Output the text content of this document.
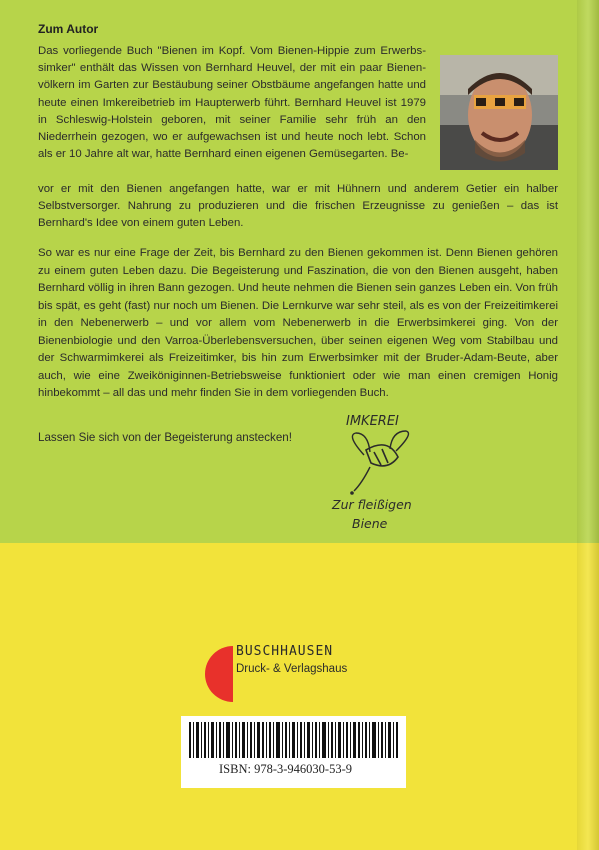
Zum Autor
Das vorliegende Buch "Bienen im Kopf. Vom Bienen-Hippie zum Erwerbs-simker" enthält das Wissen von Bernhard Heuvel, der mit ein paar Bienen-völkern im Garten zur Bestäubung seiner Obstbäume angefangen hatte und heute einen Imkereibetrieb im Haupterwerb führt. Bernhard Heuvel ist 1979 in Schleswig-Holstein geboren, mit seiner Familie sehr früh an den Niederrhein gezogen, wo er aufgewachsen ist und heute noch lebt. Schon als er 10 Jahre alt war, hatte Bernhard einen eigenen Gemüsegarten. Be-
vor er mit den Bienen angefangen hatte, war er mit Hühnern und anderem Getier ein halber Selbstversorger. Nahrung zu produzieren und die frischen Erzeugnisse zu genießen – das ist Bernhard's Idee von einem guten Leben.
So war es nur eine Frage der Zeit, bis Bernhard zu den Bienen gekommen ist. Denn Bienen gehören zu einem guten Leben dazu. Die Begeisterung und Faszination, die von den Bienen ausgeht, haben Bernhard völlig in ihren Bann gezogen. Und heute nehmen die Bienen sein ganzes Leben ein. Von früh bis spät, es geht (fast) nur noch um Bienen. Die Lernkurve war sehr steil, als es von der Freizeitimkerei in den Nebenerwerb – und vor allem vom Nebenerwerb in die Erwerbsimkerei ging. Von der Bienenbiologie und den Varroa-Überlebensversuchen, über seinen eigenen Weg vom Stabilbau und der Schwarmimkerei als Freizeitimker, bis hin zum Erwerbsimker mit der Bruder-Adam-Beute, aber auch, wie eine Zweiköniginnen-Betriebsweise funktioniert oder wie man einen cremigen Honig hinbekommt – all das und mehr finden Sie in dem vorliegenden Buch.
Lassen Sie sich von der Begeisterung anstecken!
IMKEREI
Zur fleißigen
Biene
BUSCHHAUSEN
Druck- & Verlagshaus
ISBN: 978-3-946030-53-9
